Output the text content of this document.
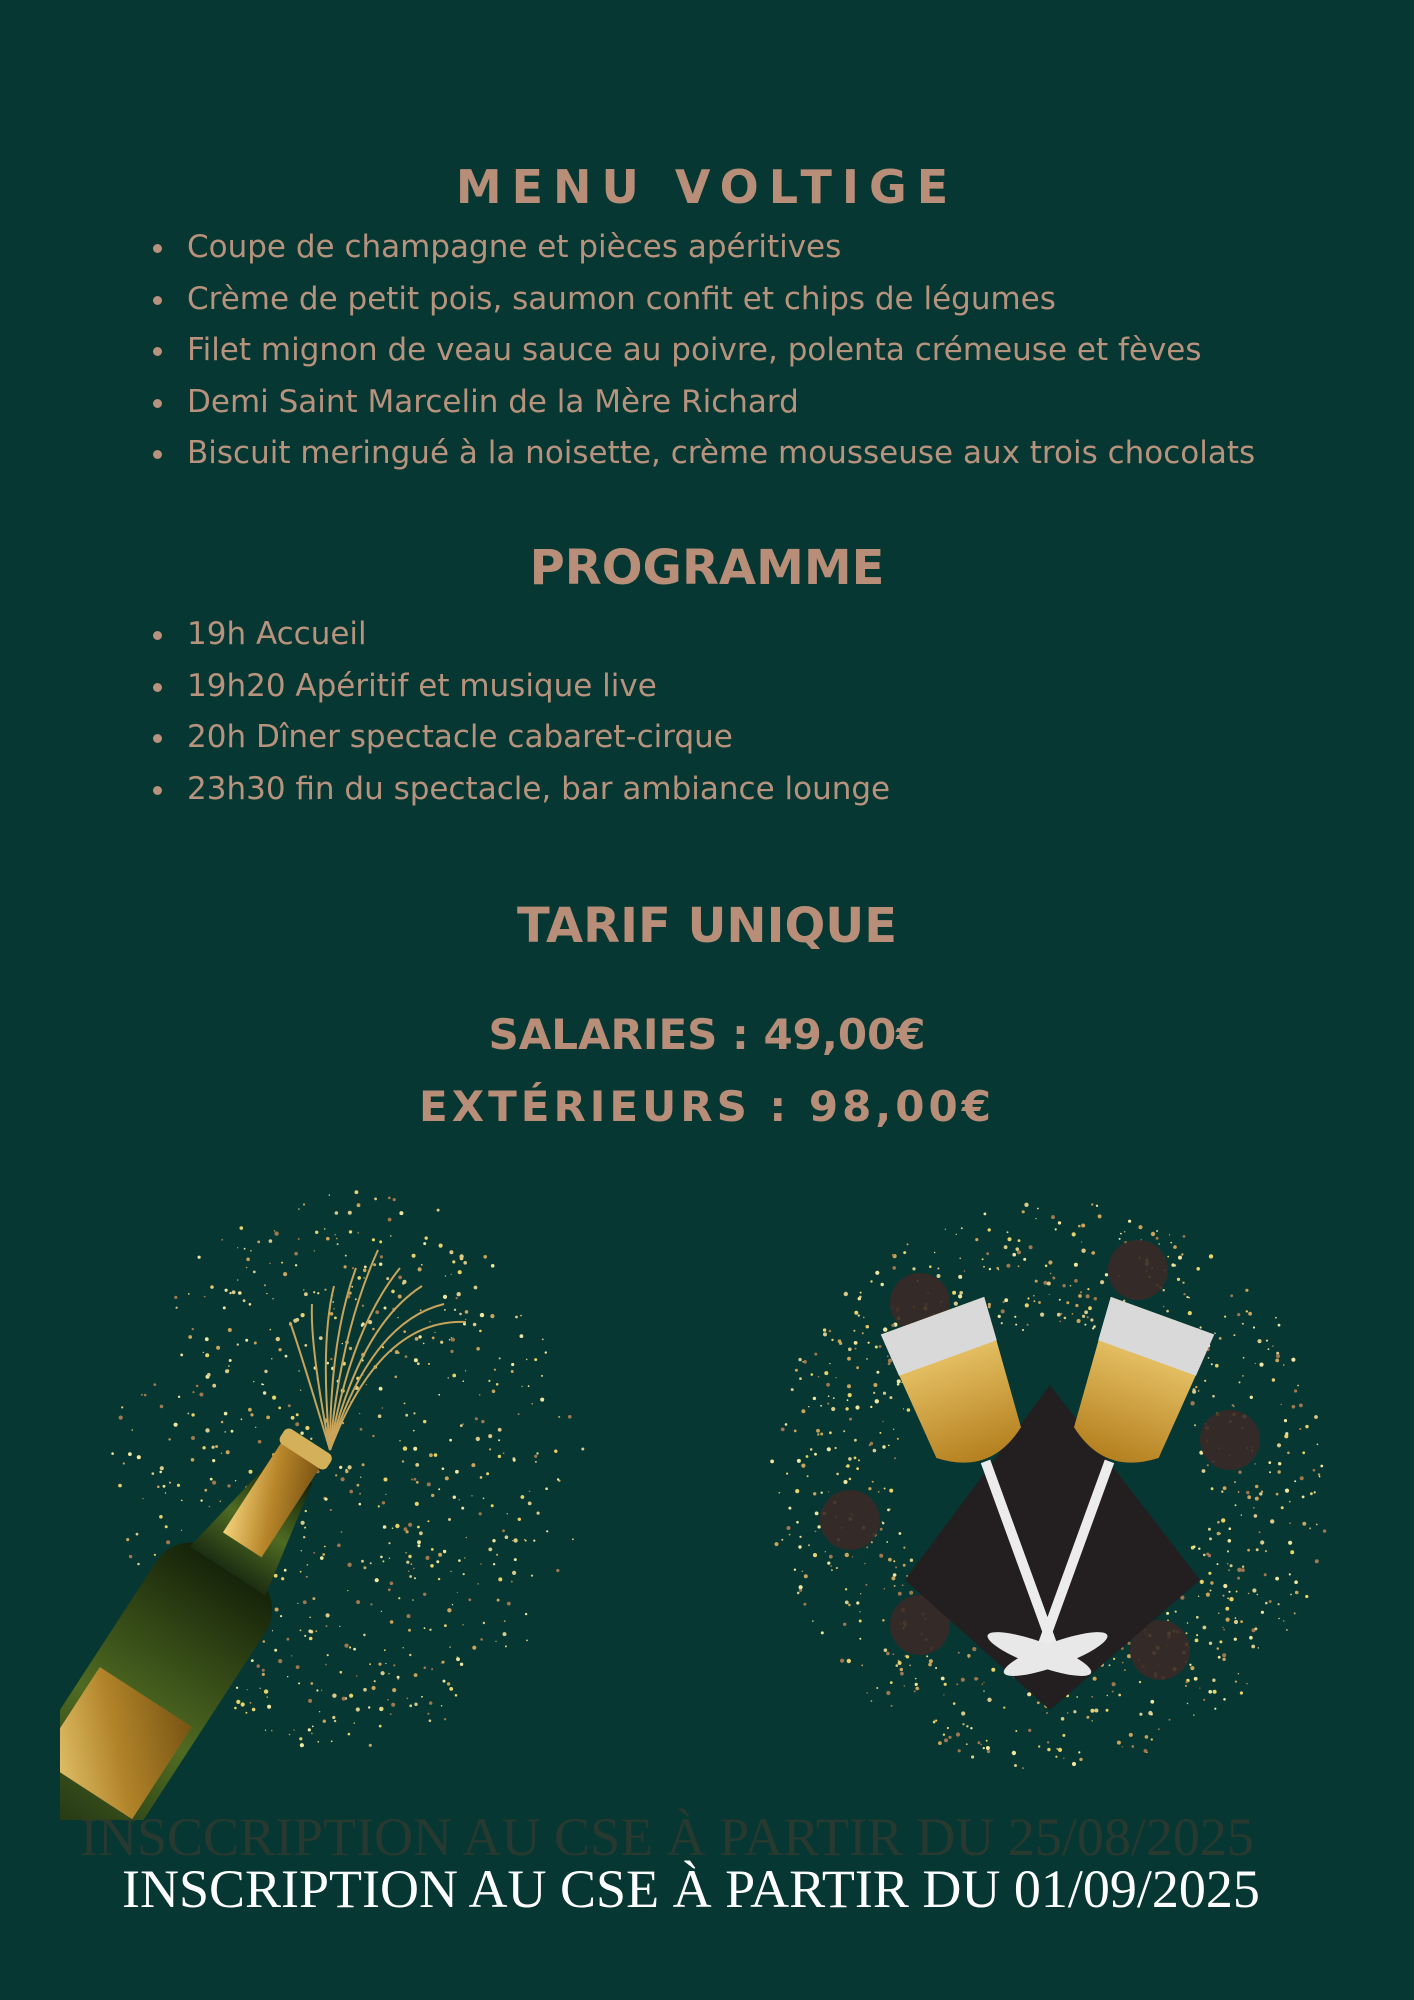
MENU VOLTIGE
Coupe de champagne et pièces apéritives
Crème de petit pois, saumon confit et chips de légumes
Filet mignon de veau sauce au poivre, polenta crémeuse et fèves
Demi Saint Marcelin de la Mère Richard
Biscuit meringué à la noisette, crème mousseuse aux trois chocolats
PROGRAMME
19h Accueil
19h20 Apéritif et musique live
20h Dîner spectacle cabaret-cirque
23h30 fin du spectacle, bar ambiance lounge
TARIF UNIQUE
SALARIES : 49,00€
EXTÉRIEURS : 98,00€
INSCCRIPTION AU CSE À PARTIR DU 25/08/2025
INSCRIPTION AU CSE À PARTIR DU 01/09/2025
